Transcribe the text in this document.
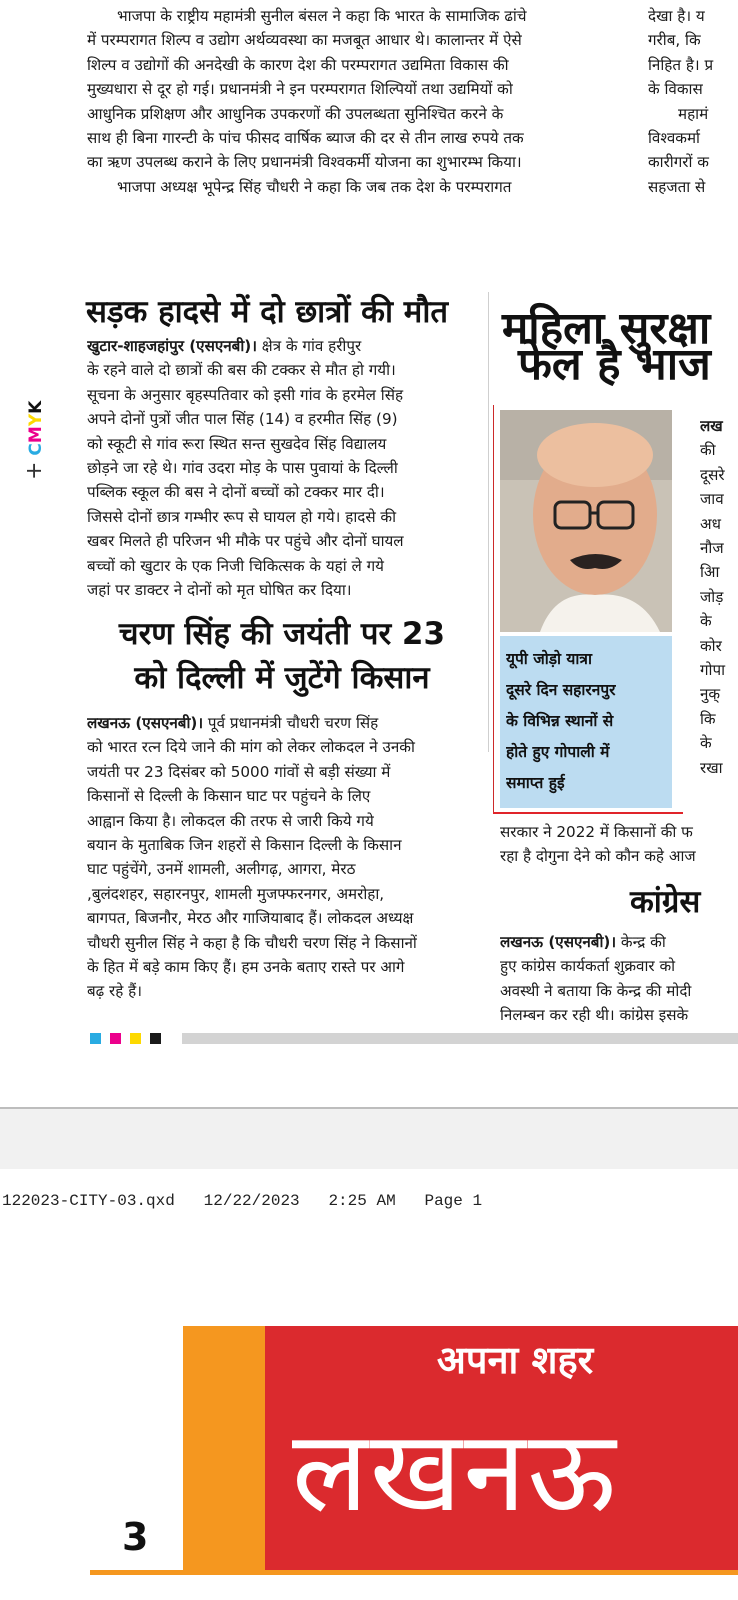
भाजपा के राष्ट्रीय महामंत्री सुनील बंसल ने कहा कि भारत के सामाजिक ढांचे
में परम्परागत शिल्प व उद्योग अर्थव्यवस्था का मजबूत आधार थे। कालान्तर में ऐसे
शिल्प व उद्योगों की अनदेखी के कारण देश की परम्परागत उद्यमिता विकास की
मुख्यधारा से दूर हो गई। प्रधानमंत्री ने इन परम्परागत शिल्पियों तथा उद्यमियों को
आधुनिक प्रशिक्षण और आधुनिक उपकरणों की उपलब्धता सुनिश्चित करने के
साथ ही बिना गारन्टी के पांच फीसद वार्षिक ब्याज की दर से तीन लाख रुपये तक
का ऋण उपलब्ध कराने के लिए प्रधानमंत्री विश्वकर्मी योजना का शुभारम्भ किया।
भाजपा अध्यक्ष भूपेन्द्र सिंह चौधरी ने कहा कि जब तक देश के परम्परागत
देखा है। य
गरीब, कि
निहित है। प्र
के विकास
महामं
विश्वकर्मा
कारीगरों क
सहजता से
+CMYK
सड़क हादसे में दो छात्रों की मौत
खुटार-शाहजहांपुर (एसएनबी)। क्षेत्र के गांव हरीपुर
के रहने वाले दो छात्रों की बस की टक्कर से मौत हो गयी।
सूचना के अनुसार बृहस्पतिवार को इसी गांव के हरमेल सिंह
अपने दोनों पुत्रों जीत पाल सिंह (14) व हरमीत सिंह (9)
को स्कूटी से गांव रूरा स्थित सन्त सुखदेव सिंह विद्यालय
छोड़ने जा रहे थे। गांव उदरा मोड़ के पास पुवायां के दिल्ली
पब्लिक स्कूल की बस ने दोनों बच्चों को टक्कर मार दी।
जिससे दोनों छात्र गम्भीर रूप से घायल हो गये। हादसे की
खबर मिलते ही परिजन भी मौके पर पहुंचे और दोनों घायल
बच्चों को खुटार के एक निजी चिकित्सक के यहां ले गये
जहां पर डाक्टर ने दोनों को मृत घोषित कर दिया।
चरण सिंह की जयंती पर 23
को दिल्ली में जुटेंगे किसान
लखनऊ (एसएनबी)। पूर्व प्रधानमंत्री चौधरी चरण सिंह
को भारत रत्न दिये जाने की मांग को लेकर लोकदल ने उनकी
जयंती पर 23 दिसंबर को 5000 गांवों से बड़ी संख्या में
किसानों से दिल्ली के किसान घाट पर पहुंचने के लिए
आह्वान किया है। लोकदल की तरफ से जारी किये गये
बयान के मुताबिक जिन शहरों से किसान दिल्ली के किसान
घाट पहुंचेंगे, उनमें शामली, अलीगढ़, आगरा, मेरठ
,बुलंदशहर, सहारनपुर, शामली मुजफ्फरनगर, अमरोहा,
बागपत, बिजनौर, मेरठ और गाजियाबाद हैं। लोकदल अध्यक्ष
चौधरी सुनील सिंह ने कहा है कि चौधरी चरण सिंह ने किसानों
के हित में बड़े काम किए हैं। हम उनके बताए रास्ते पर आगे
बढ़ रहे हैं।
महिला सुरक्षा
फेल है भाज
यूपी जोड़ो यात्रा
दूसरे दिन सहारनपुर
के विभिन्न स्थानों से
होते हुए गोपाली में
समाप्त हुई
लख
की
दूसरे
जाव
अध
नौज
आि
जोड़
के
कोर
गोपा
नुक्
कि
के
रखा
सरकार ने 2022 में किसानों की फ
रहा है दोगुना देने को कौन कहे आज
कांग्रेस
लखनऊ (एसएनबी)। केन्द्र की
हुए कांग्रेस कार्यकर्ता शुक्रवार को
अवस्थी ने बताया कि केन्द्र की मोदी
निलम्बन कर रही थी। कांग्रेस इसके
122023-CITY-03.qxd   12/22/2023   2:25 AM   Page 1
अपना शहर
लखनऊ
3
